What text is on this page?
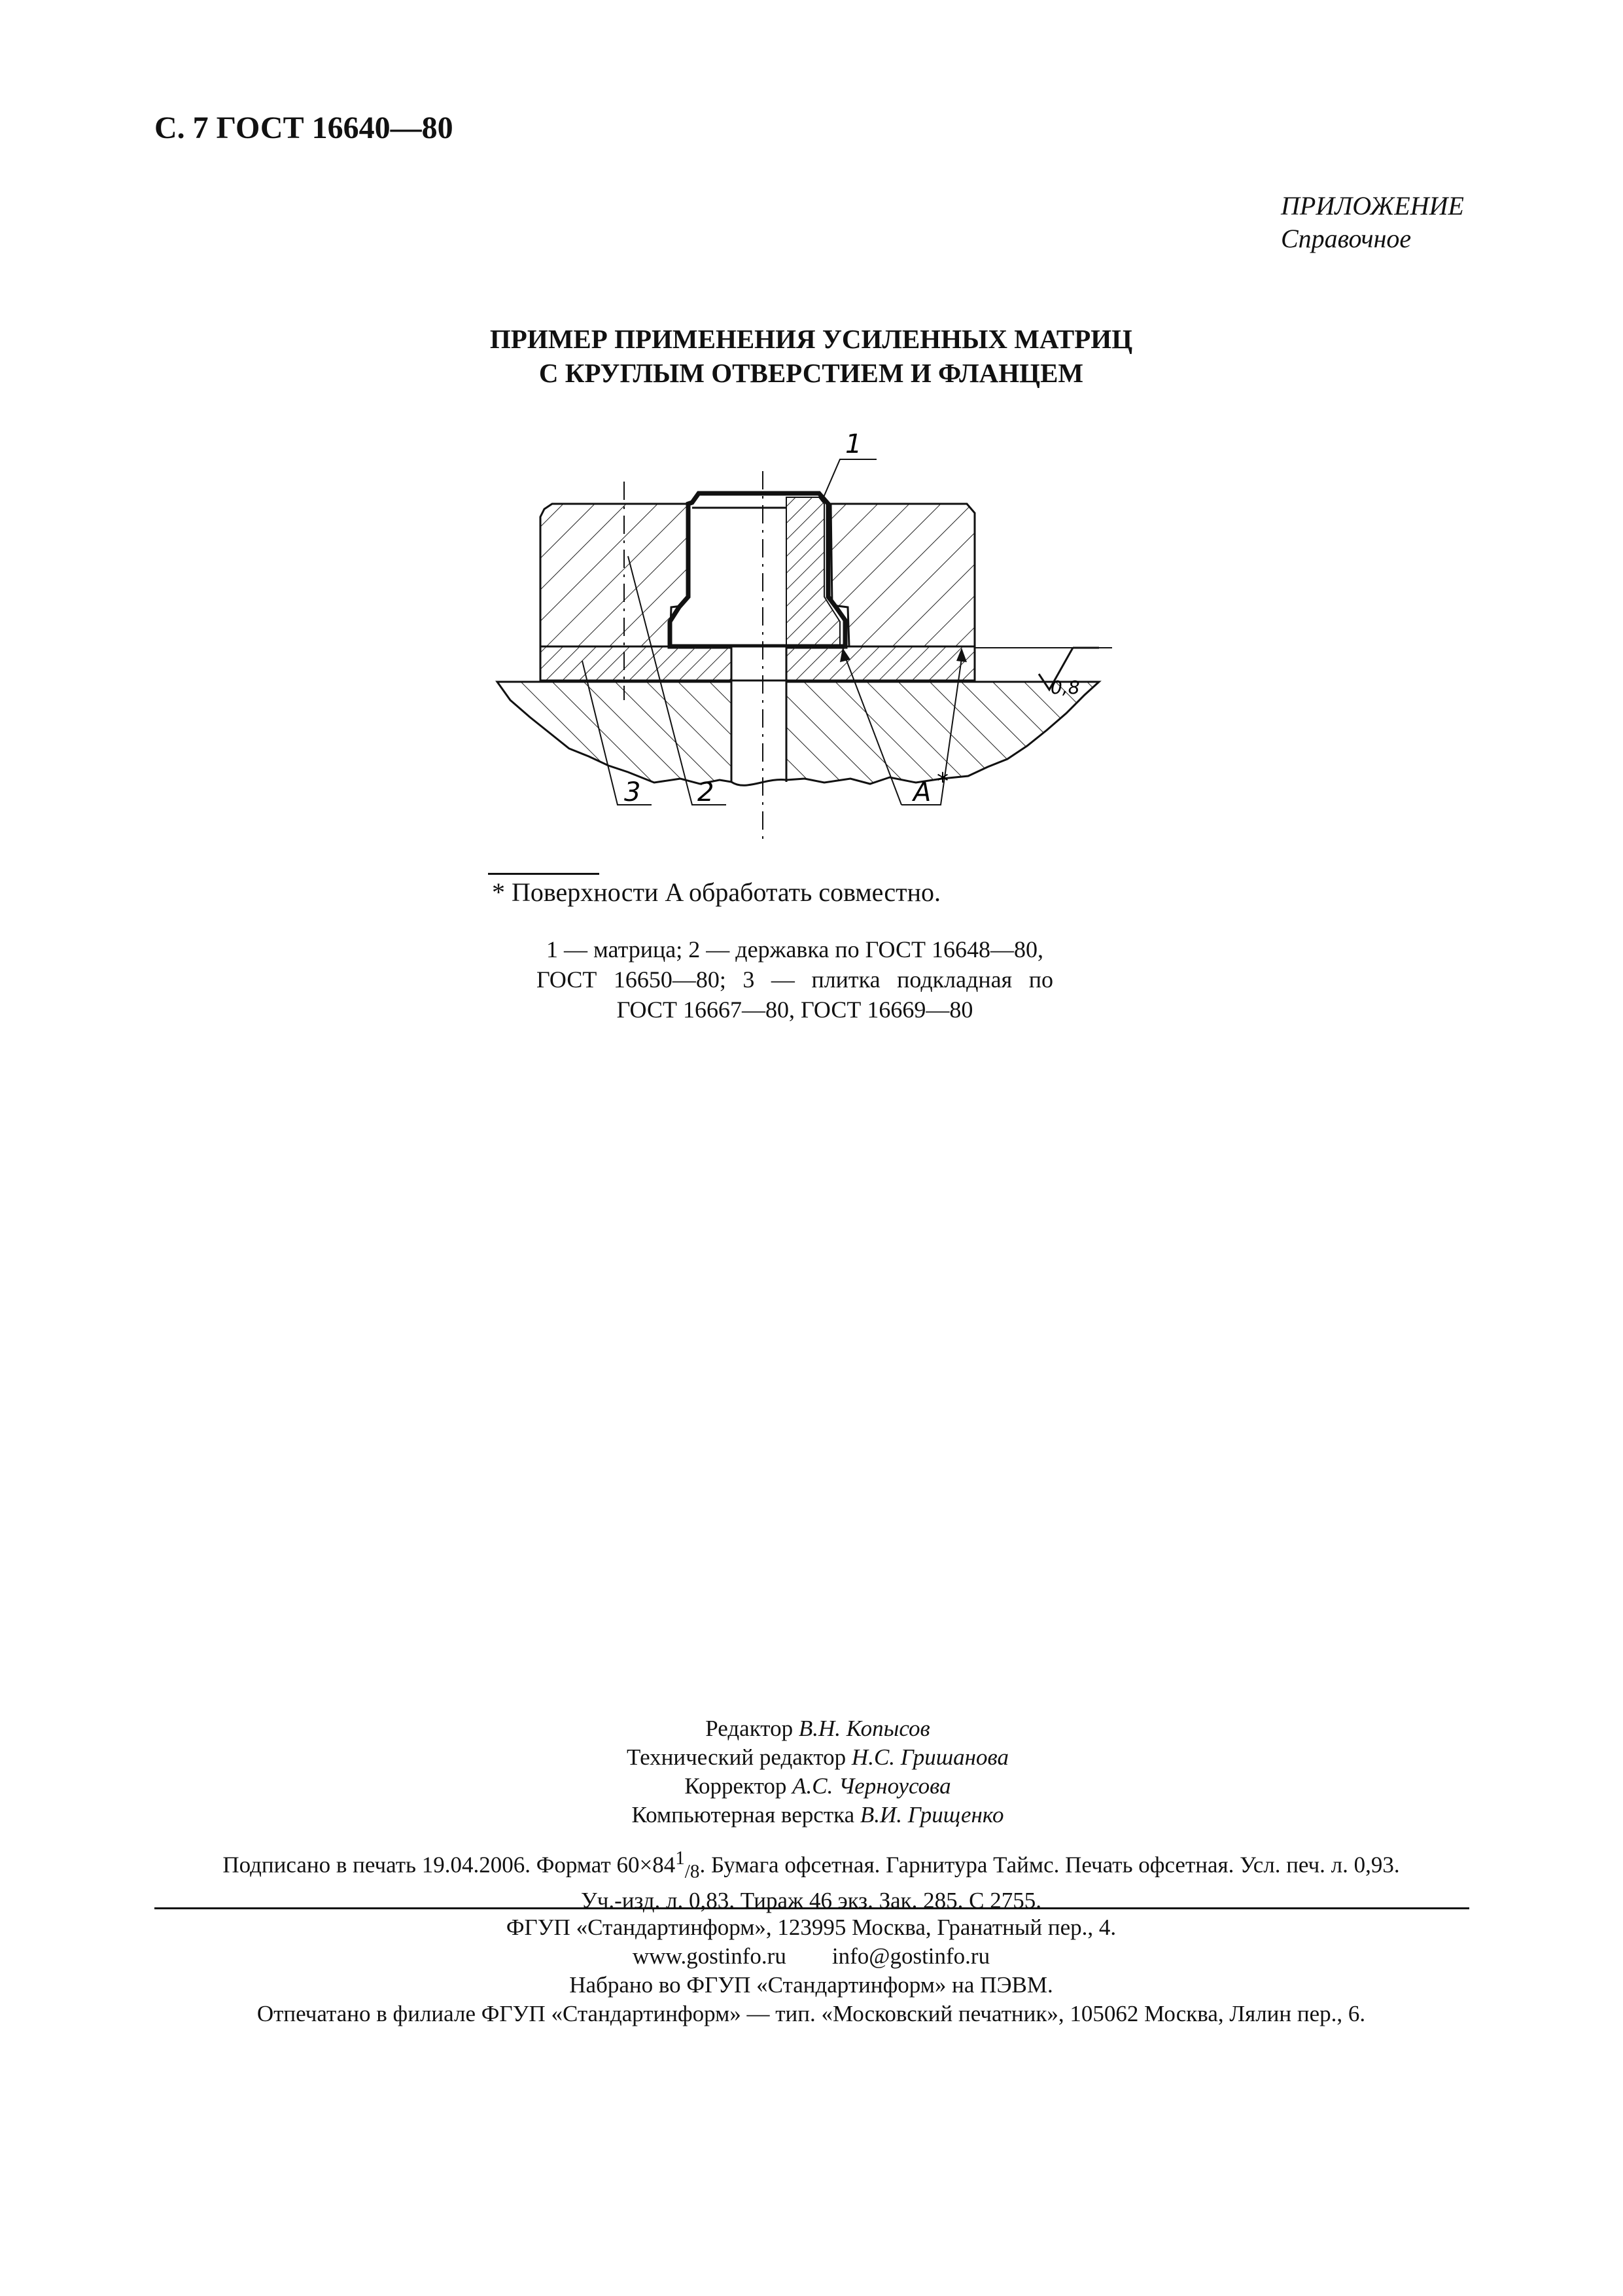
С. 7 ГОСТ 16640—80
ПРИЛОЖЕНИЕ
Справочное
ПРИМЕР ПРИМЕНЕНИЯ УСИЛЕННЫХ МАТРИЦ
С КРУГЛЫМ ОТВЕРСТИЕМ И ФЛАНЦЕМ
0,8
1
3 2	A *
* Поверхности A обработать совместно.
1 — матрица; 2 — державка по ГОСТ 16648—80,
ГОСТ 16650—80; 3 — плитка подкладная по
ГОСТ 16667—80, ГОСТ 16669—80
Редактор В.Н. Копысов
Технический редактор Н.С. Гришанова
Корректор А.С. Черноусова
Компьютерная верстка В.И. Грищенко
Подписано в печать 19.04.2006. Формат $60\times 84^1_{/8}$. Бумага офсетная. Гарнитура Таймс. Печать офсетная. Усл. печ. л. 0,93.
Уч.-изд. л. 0,83. Тираж 46 экз. Зак. 285. С 2755.
ФГУП «Стандартинформ», 123995 Москва, Гранатный пер., 4.
www.gostinfo.ru info@gostinfo.ru
Набрано во ФГУП «Стандартинформ» на ПЭВМ.
Отпечатано в филиале ФГУП «Стандартинформ» — тип. «Московский печатник», 105062 Москва, Лялин пер., 6.
